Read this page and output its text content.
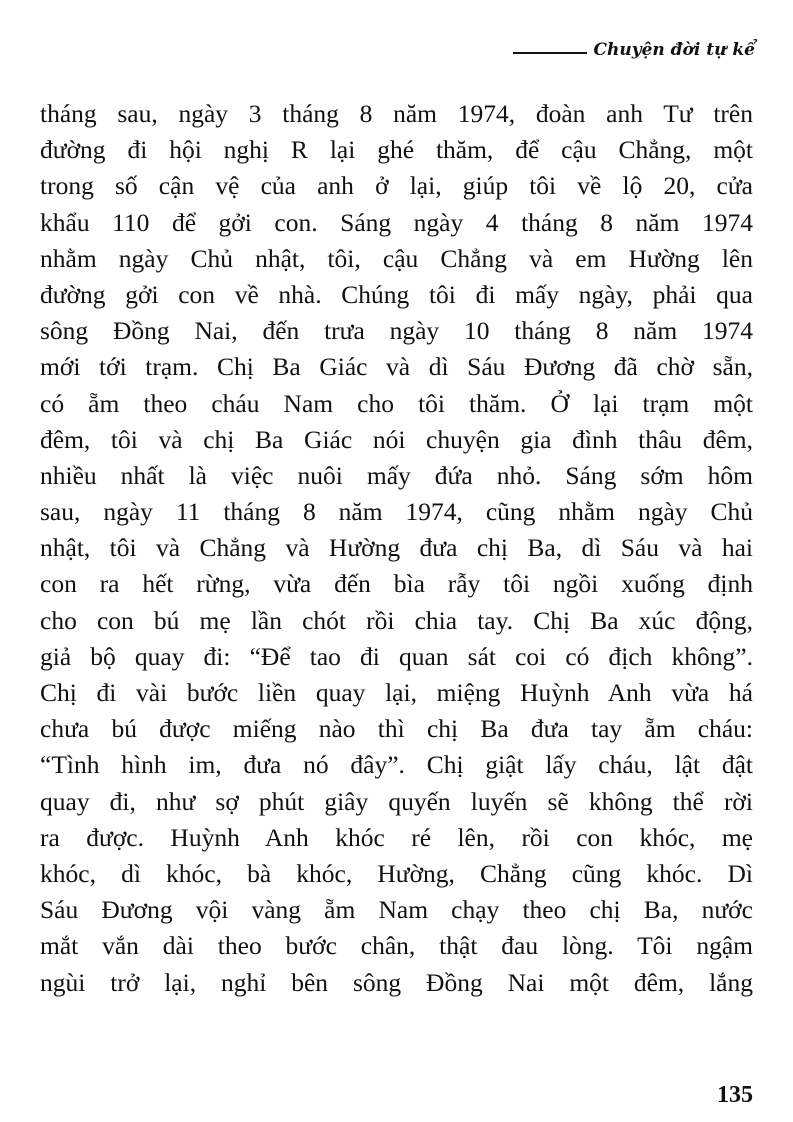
Chuyện đời tự kể
tháng sau, ngày 3 tháng 8 năm 1974, đoàn anh Tư trên
đường đi hội nghị R lại ghé thăm, để cậu Chẳng, một
trong số cận vệ của anh ở lại, giúp tôi về lộ 20, cửa
khẩu 110 để gởi con. Sáng ngày 4 tháng 8 năm 1974
nhằm ngày Chủ nhật, tôi, cậu Chẳng và em Hường lên
đường gởi con về nhà. Chúng tôi đi mấy ngày, phải qua
sông Đồng Nai, đến trưa ngày 10 tháng 8 năm 1974
mới tới trạm. Chị Ba Giác và dì Sáu Đương đã chờ sẵn,
có ẵm theo cháu Nam cho tôi thăm. Ở lại trạm một
đêm, tôi và chị Ba Giác nói chuyện gia đình thâu đêm,
nhiều nhất là việc nuôi mấy đứa nhỏ. Sáng sớm hôm
sau, ngày 11 tháng 8 năm 1974, cũng nhằm ngày Chủ
nhật, tôi và Chẳng và Hường đưa chị Ba, dì Sáu và hai
con ra hết rừng, vừa đến bìa rẫy tôi ngồi xuống định
cho con bú mẹ lần chót rồi chia tay. Chị Ba xúc động,
giả bộ quay đi: “Để tao đi quan sát coi có địch không”.
Chị đi vài bước liền quay lại, miệng Huỳnh Anh vừa há
chưa bú được miếng nào thì chị Ba đưa tay ẵm cháu:
“Tình hình im, đưa nó đây”. Chị giật lấy cháu, lật đật
quay đi, như sợ phút giây quyến luyến sẽ không thể rời
ra được. Huỳnh Anh khóc ré lên, rồi con khóc, mẹ
khóc, dì khóc, bà khóc, Hường, Chẳng cũng khóc. Dì
Sáu Đương vội vàng ẵm Nam chạy theo chị Ba, nước
mắt vắn dài theo bước chân, thật đau lòng. Tôi ngậm
ngùi trở lại, nghỉ bên sông Đồng Nai một đêm, lắng
135
